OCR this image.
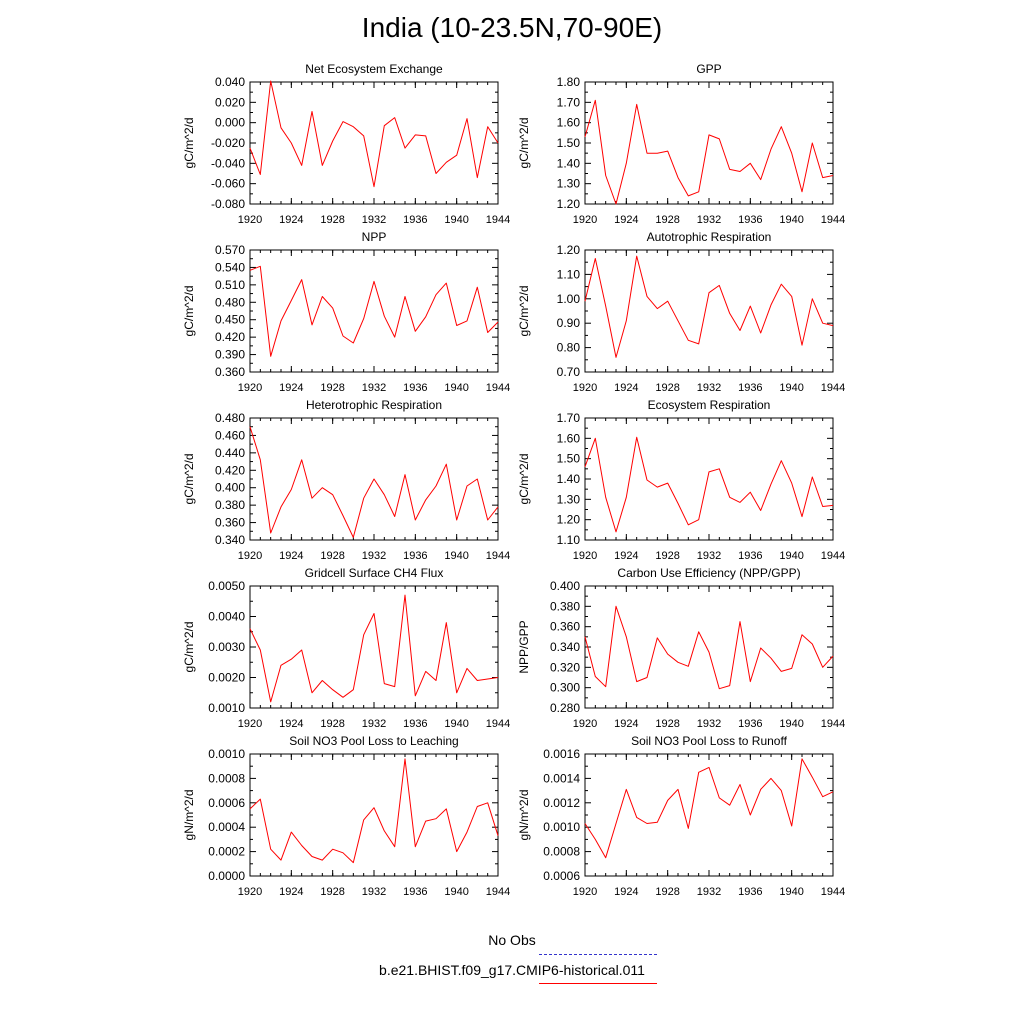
India (10-23.5N,70-90E)
Net Ecosystem Exchange
gC/m^2/d
1920 1924 1928 1932 1936 1940 1944
-0.080
-0.060
-0.040
-0.020
0.000
0.020
0.040
GPP
gC/m^2/d
1920 1924 1928 1932 1936 1940 1944
1.20
1.30
1.40
1.50
1.60
1.70
1.80
NPP
gC/m^2/d
1920 1924 1928 1932 1936 1940 1944
0.360
0.390
0.420
0.450
0.480
0.510
0.540
0.570
Autotrophic Respiration
gC/m^2/d
1920 1924 1928 1932 1936 1940 1944
0.70
0.80
0.90
1.00
1.10
1.20
Heterotrophic Respiration
gC/m^2/d
1920 1924 1928 1932 1936 1940 1944
0.340
0.360
0.380
0.400
0.420
0.440
0.460
0.480
Ecosystem Respiration
gC/m^2/d
1920 1924 1928 1932 1936 1940 1944
1.10
1.20
1.30
1.40
1.50
1.60
1.70
Gridcell Surface CH4 Flux
gC/m^2/d
1920 1924 1928 1932 1936 1940 1944
0.0010
0.0020
0.0030
0.0040
0.0050
Carbon Use Efficiency (NPP/GPP)
NPP/GPP
1920 1924 1928 1932 1936 1940 1944
0.280
0.300
0.320
0.340
0.360
0.380
0.400
Soil NO3 Pool Loss to Leaching
gN/m^2/d
1920 1924 1928 1932 1936 1940 1944
0.0000
0.0002
0.0004
0.0006
0.0008
0.0010
Soil NO3 Pool Loss to Runoff
gN/m^2/d
1920 1924 1928 1932 1936 1940 1944
0.0006
0.0008
0.0010
0.0012
0.0014
0.0016
No Obs
b.e21.BHIST.f09_g17.CMIP6-historical.011
